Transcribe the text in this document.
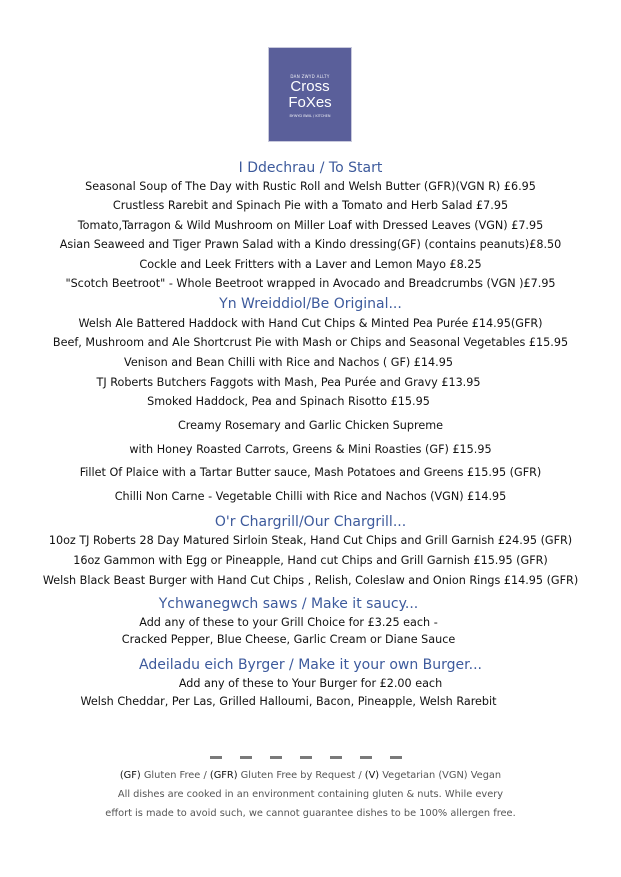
DAN ZWYD ALLTY
Cross
FoXes
BYWYD BWIL / KITCHEN
I Ddechrau / To Start
Seasonal Soup of The Day with Rustic Roll and Welsh Butter (GFR)(VGN R) £6.95
Crustless Rarebit and Spinach Pie with a Tomato and Herb Salad £7.95
Tomato,Tarragon & Wild Mushroom on Miller Loaf with Dressed Leaves (VGN) £7.95
Asian Seaweed and Tiger Prawn Salad with a Kindo dressing(GF) (contains peanuts)£8.50
Cockle and Leek Fritters with a Laver and Lemon Mayo £8.25
"Scotch Beetroot" - Whole Beetroot wrapped in Avocado and Breadcrumbs (VGN )£7.95
Yn Wreiddiol/Be Original...
Welsh Ale Battered Haddock with Hand Cut Chips & Minted Pea Purée £14.95(GFR)
Beef, Mushroom and Ale Shortcrust Pie with Mash or Chips and Seasonal Vegetables £15.95
Venison and Bean Chilli with Rice and Nachos ( GF) £14.95
TJ Roberts Butchers Faggots with Mash, Pea Purée and Gravy £13.95
Smoked Haddock, Pea and Spinach Risotto £15.95
Creamy Rosemary and Garlic Chicken Supreme
with Honey Roasted Carrots, Greens & Mini Roasties (GF) £15.95
Fillet Of Plaice with a Tartar Butter sauce, Mash Potatoes and Greens £15.95 (GFR)
Chilli Non Carne - Vegetable Chilli with Rice and Nachos (VGN) £14.95
O'r Chargrill/Our Chargrill...
10oz TJ Roberts 28 Day Matured Sirloin Steak, Hand Cut Chips and Grill Garnish £24.95 (GFR)
16oz Gammon with Egg or Pineapple, Hand cut Chips and Grill Garnish £15.95 (GFR)
Welsh Black Beast Burger with Hand Cut Chips , Relish, Coleslaw and Onion Rings £14.95 (GFR)
Ychwanegwch saws / Make it saucy...
Add any of these to your Grill Choice for £3.25 each -
Cracked Pepper, Blue Cheese, Garlic Cream or Diane Sauce
Adeiladu eich Byrger / Make it your own Burger...
Add any of these to Your Burger for £2.00 each
Welsh Cheddar, Per Las, Grilled Halloumi, Bacon, Pineapple, Welsh Rarebit
(GF) Gluten Free / (GFR) Gluten Free by Request / (V) Vegetarian (VGN) Vegan
All dishes are cooked in an environment containing gluten & nuts. While every
effort is made to avoid such, we cannot guarantee dishes to be 100% allergen free.
